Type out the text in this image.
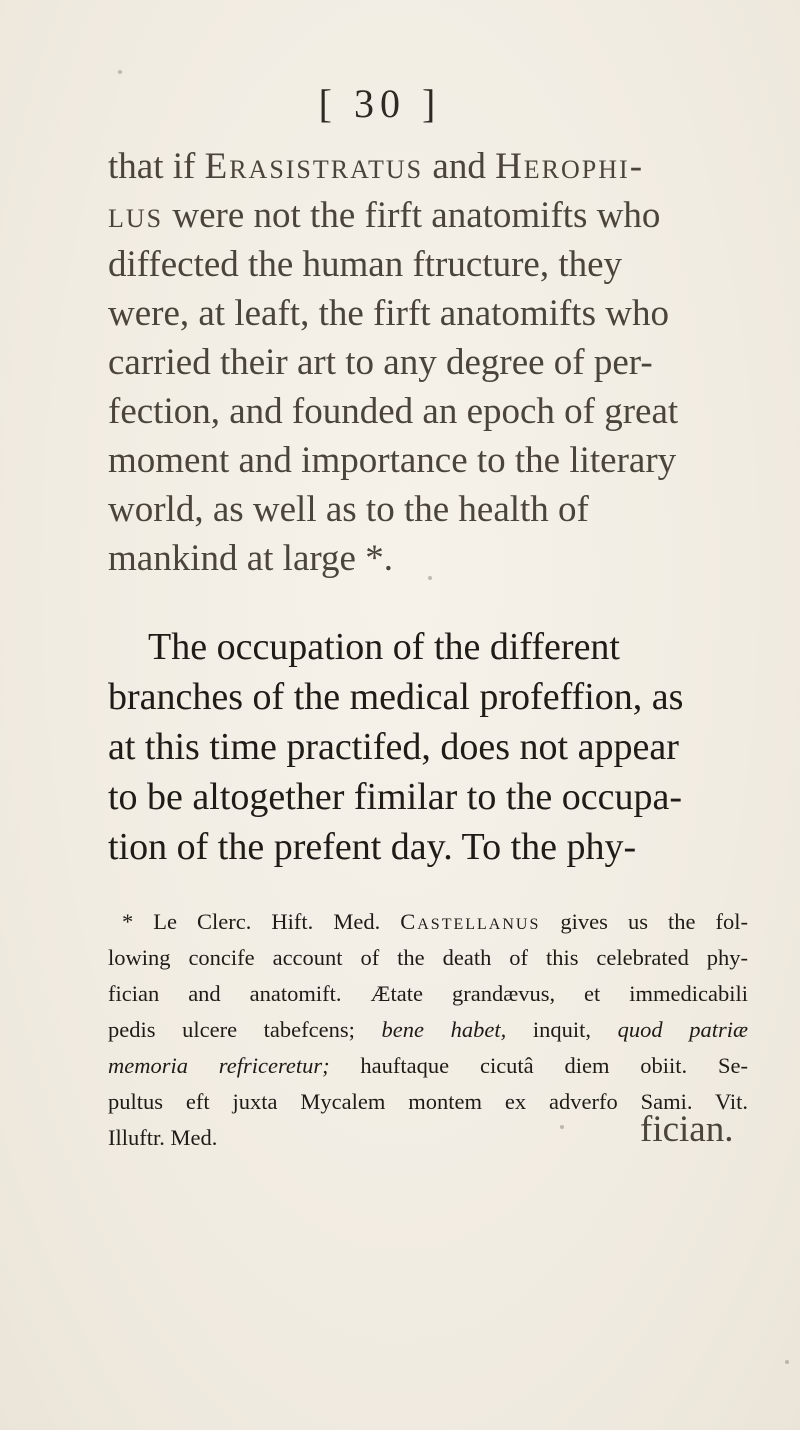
[ 30 ]
that if Erasistratus and Herophi-
lus were not the firft anatomifts who
diffected the human ftructure, they
were, at leaft, the firft anatomifts who
carried their art to any degree of per-
fection, and founded an epoch of great
moment and importance to the literary
world, as well as to the health of
mankind at large *.
The occupation of the different
branches of the medical profeffion, as
at this time practifed, does not appear
to be altogether fimilar to the occupa-
tion of the prefent day. To the phy-
* Le Clerc. Hift. Med. Castellanus gives us the fol-
lowing concife account of the death of this celebrated phy-
fician and anatomift. Ætate grandævus, et immedicabili
pedis ulcere tabefcens; bene habet, inquit, quod patriæ
memoria refriceretur; hauftaque cicutâ diem obiit. Se-
pultus eft juxta Mycalem montem ex adverfo Sami. Vit.
Illuftr. Med.	fician.
